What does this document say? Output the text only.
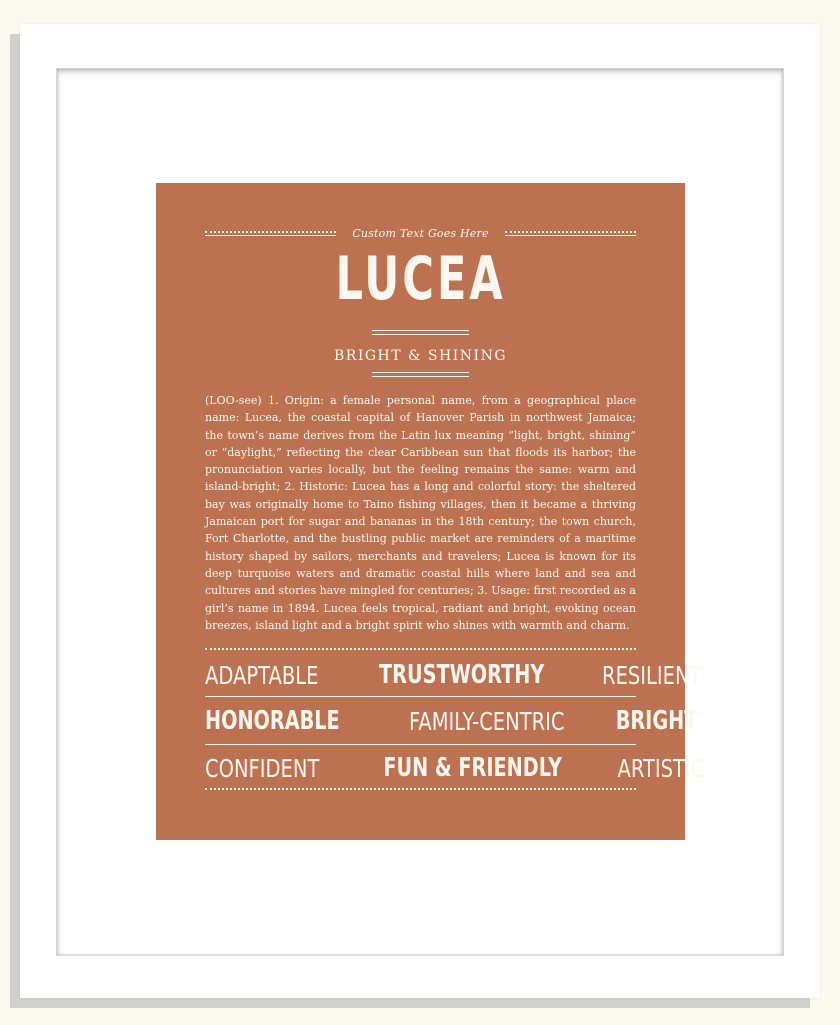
Custom Text Goes Here
LUCEA
BRIGHT & SHINING
(LOO-see) 1. Origin: a female personal name, from a geographical place name: Lucea, the coastal capital of Hanover Parish in northwest Jamaica; the town’s name derives from the Latin lux meaning “light, bright, shining” or “daylight,” reflecting the clear Caribbean sun that floods its harbor; the pronunciation varies locally, but the feeling remains the same: warm and island-bright; 2. Historic: Lucea has a long and colorful story: the sheltered bay was originally home to Taino fishing villages, then it became a thriving Jamaican port for sugar and bananas in the 18th century; the town church, Fort Charlotte, and the bustling public market are reminders of a maritime history shaped by sailors, merchants and travelers; Lucea is known for its deep turquoise waters and dramatic coastal hills where land and sea and cultures and stories have mingled for centuries; 3. Usage: first recorded as a girl’s name in 1894. Lucea feels tropical, radiant and bright, evoking ocean breezes, island light and a bright spirit who shines with warmth and charm.
ADAPTABLE TRUSTWORTHY RESILIENT
HONORABLE	FAMILY-CENTRIC BRIGHT
CONFIDENT FUN & FRIENDLY ARTISTIC
